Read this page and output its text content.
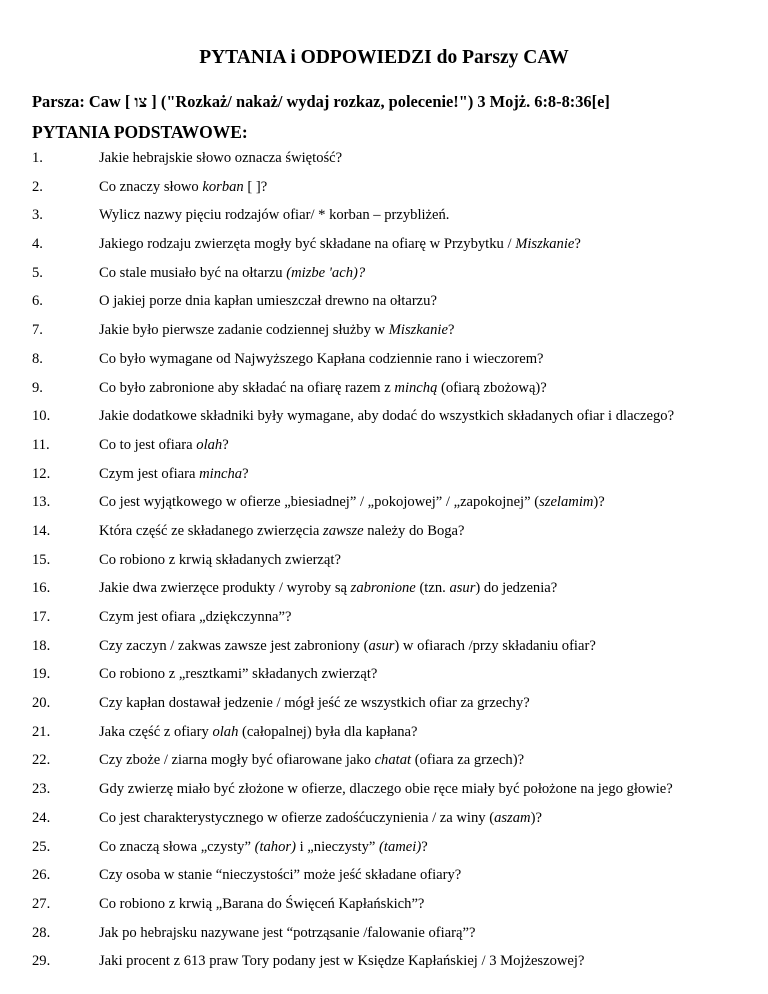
PYTANIA i ODPOWIEDZI do Parszy CAW
Parsza: Caw [ צו ] ("Rozkaż/ nakaż/ wydaj rozkaz, polecenie!") 3 Mojż. 6:8-8:36[e]
PYTANIA PODSTAWOWE:
1.	Jakie hebrajskie słowo oznacza świętość?
2.	Co znaczy słowo korban [ ]?
3.	Wylicz nazwy pięciu rodzajów ofiar/ * korban – przybliżeń.
4.	Jakiego rodzaju zwierzęta mogły być składane na ofiarę w Przybytku / Miszkanie?
5.	Co stale musiało być na ołtarzu (mizbe 'ach)?
6.	O jakiej porze dnia kapłan umieszczał drewno na ołtarzu?
7.	Jakie było pierwsze zadanie codziennej służby w Miszkanie?
8.	Co było wymagane od Najwyższego Kapłana codziennie rano i wieczorem?
9.	Co było zabronione aby składać na ofiarę razem z minchą (ofiarą zbożową)?
10.	Jakie dodatkowe składniki były wymagane, aby dodać do wszystkich składanych ofiar i dlaczego?
11.	Co to jest ofiara olah?
12.	Czym jest ofiara mincha?
13.	Co jest wyjątkowego w ofierze „biesiadnej” / „pokojowej” / „zapokojnej” (szelamim)?
14.	Która część ze składanego zwierzęcia zawsze należy do Boga?
15.	Co robiono z krwią składanych zwierząt?
16.	Jakie dwa zwierzęce produkty / wyroby są zabronione (tzn. asur) do jedzenia?
17.	Czym jest ofiara „dziękczynna”?
18.	Czy zaczyn / zakwas zawsze jest zabroniony (asur) w ofiarach /przy składaniu ofiar?
19.	Co robiono z „resztkami” składanych zwierząt?
20.	Czy kapłan dostawał jedzenie / mógł jeść ze wszystkich ofiar za grzechy?
21.	Jaka część z ofiary olah (całopalnej) była dla kapłana?
22.	Czy zboże / ziarna mogły być ofiarowane jako chatat (ofiara za grzech)?
23.	Gdy zwierzę miało być złożone w ofierze, dlaczego obie ręce miały być położone na jego głowie?
24.	Co jest charakterystycznego w ofierze zadośćuczynienia / za winy (aszam)?
25.	Co znaczą słowa „czysty” (tahor) i „nieczysty” (tamei)?
26.	Czy osoba w stanie “nieczystości” może jeść składane ofiary?
27.	Co robiono z krwią „Barana do Święceń Kapłańskich”?
28.	Jak po hebrajsku nazywane jest “potrząsanie /falowanie ofiarą”?
29.	Jaki procent z 613 praw Tory podany jest w Księdze Kapłańskiej / 3 Mojżeszowej?
